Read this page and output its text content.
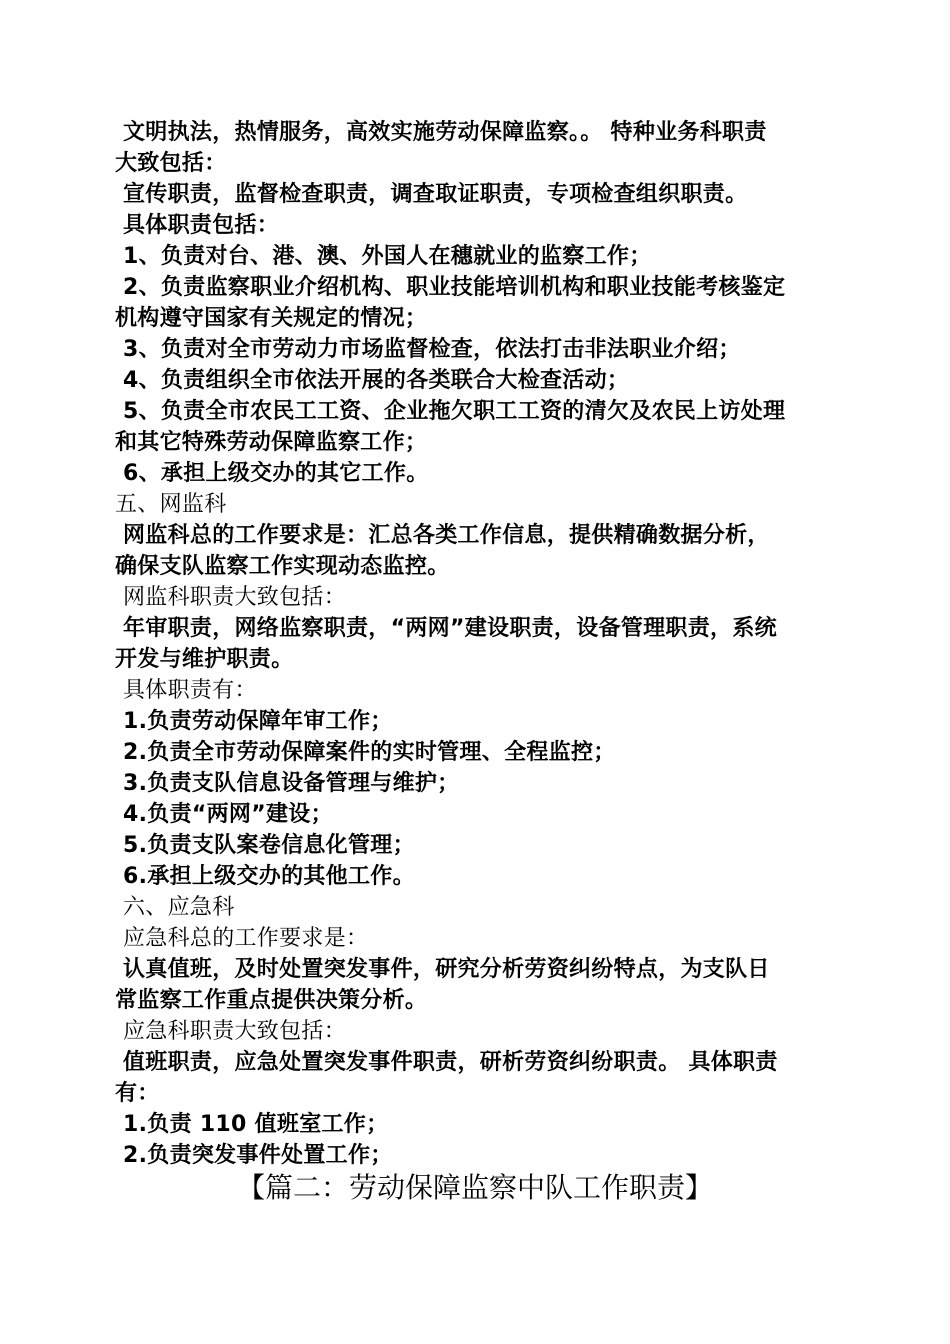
文明执法，热情服务，高效实施劳动保障监察。。 特种业务科职责
大致包括：
宣传职责，监督检查职责，调查取证职责，专项检查组织职责。
具体职责包括：
1、负责对台、港、澳、外国人在穗就业的监察工作；
2、负责监察职业介绍机构、职业技能培训机构和职业技能考核鉴定
机构遵守国家有关规定的情况；
3、负责对全市劳动力市场监督检查，依法打击非法职业介绍；
4、负责组织全市依法开展的各类联合大检查活动；
5、负责全市农民工工资、企业拖欠职工工资的清欠及农民上访处理
和其它特殊劳动保障监察工作；
6、承担上级交办的其它工作。
五、网监科
网监科总的工作要求是：汇总各类工作信息，提供精确数据分析，
确保支队监察工作实现动态监控。
网监科职责大致包括：
年审职责，网络监察职责，“两网”建设职责，设备管理职责，系统
开发与维护职责。
具体职责有：
1.负责劳动保障年审工作；
2.负责全市劳动保障案件的实时管理、全程监控；
3.负责支队信息设备管理与维护；
4.负责“两网”建设；
5.负责支队案卷信息化管理；
6.承担上级交办的其他工作。
六、应急科
应急科总的工作要求是：
认真值班，及时处置突发事件，研究分析劳资纠纷特点，为支队日
常监察工作重点提供决策分析。
应急科职责大致包括：
值班职责，应急处置突发事件职责，研析劳资纠纷职责。 具体职责
有：
1.负责 110 值班室工作；
2.负责突发事件处置工作；
【篇二：劳动保障监察中队工作职责】
